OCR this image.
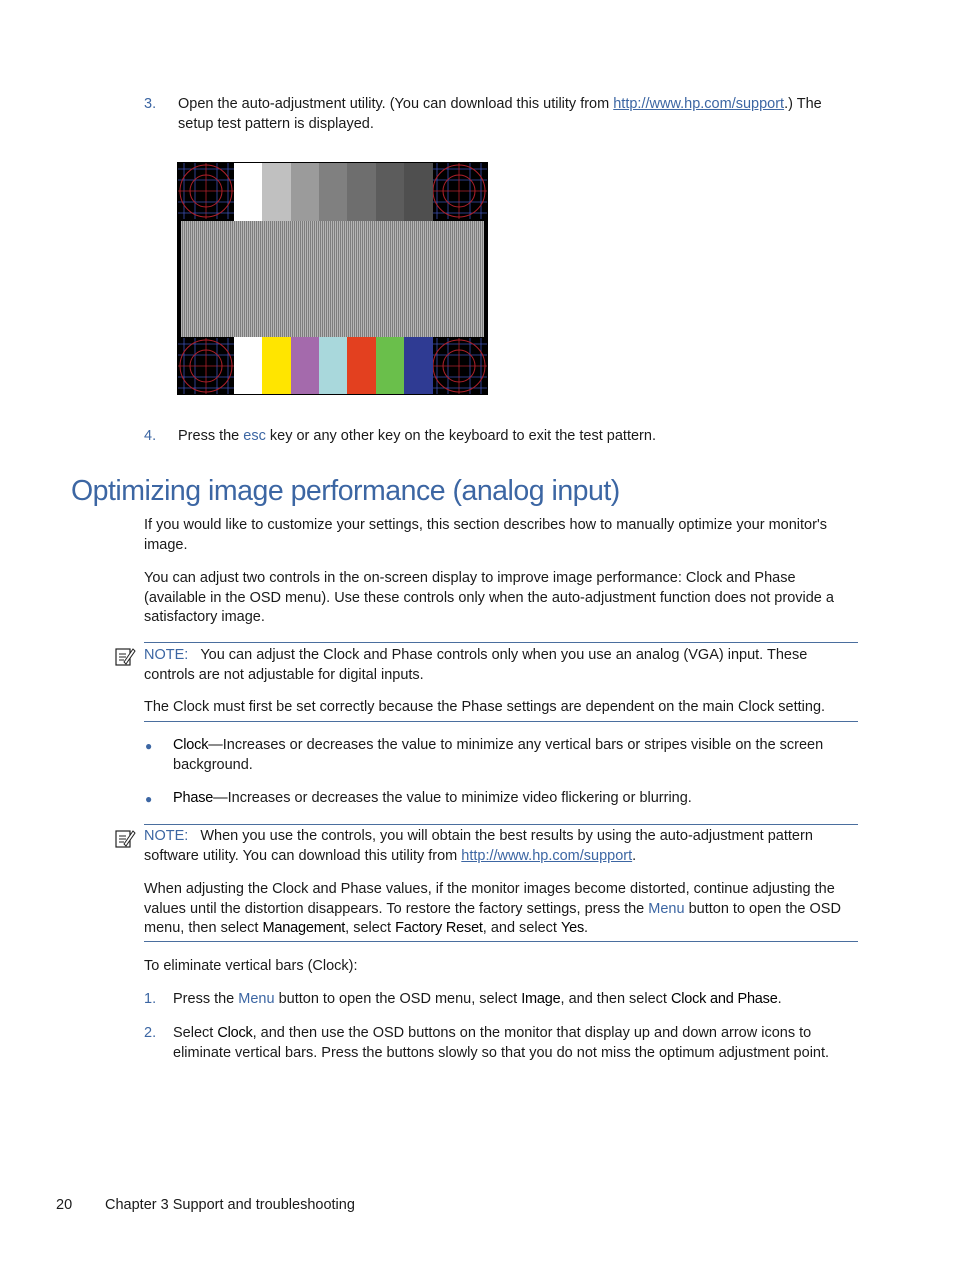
3. Open the auto-adjustment utility. (You can download this utility from http://www.hp.com/support.) The
setup test pattern is displayed.
4. Press the esc key or any other key on the keyboard to exit the test pattern.
Optimizing image performance (analog input)
If you would like to customize your settings, this section describes how to manually optimize your monitor's image.
You can adjust two controls in the on-screen display to improve image performance: Clock and Phase (available in the OSD menu). Use these controls only when the auto-adjustment function does not provide a satisfactory image.
NOTE: You can adjust the Clock and Phase controls only when you use an analog (VGA) input. These controls are not adjustable for digital inputs.
The Clock must first be set correctly because the Phase settings are dependent on the main Clock setting.
● Clock—Increases or decreases the value to minimize any vertical bars or stripes visible on the screen background.
● Phase—Increases or decreases the value to minimize video flickering or blurring.
NOTE: When you use the controls, you will obtain the best results by using the auto-adjustment pattern software utility. You can download this utility from http://www.hp.com/support.
When adjusting the Clock and Phase values, if the monitor images become distorted, continue adjusting the values until the distortion disappears. To restore the factory settings, press the Menu button to open the OSD menu, then select Management, select Factory Reset, and select Yes.
To eliminate vertical bars (Clock):
1. Press the Menu button to open the OSD menu, select Image, and then select Clock and Phase.
2. Select Clock, and then use the OSD buttons on the monitor that display up and down arrow icons to eliminate vertical bars. Press the buttons slowly so that you do not miss the optimum adjustment point.
20 Chapter 3 Support and troubleshooting
